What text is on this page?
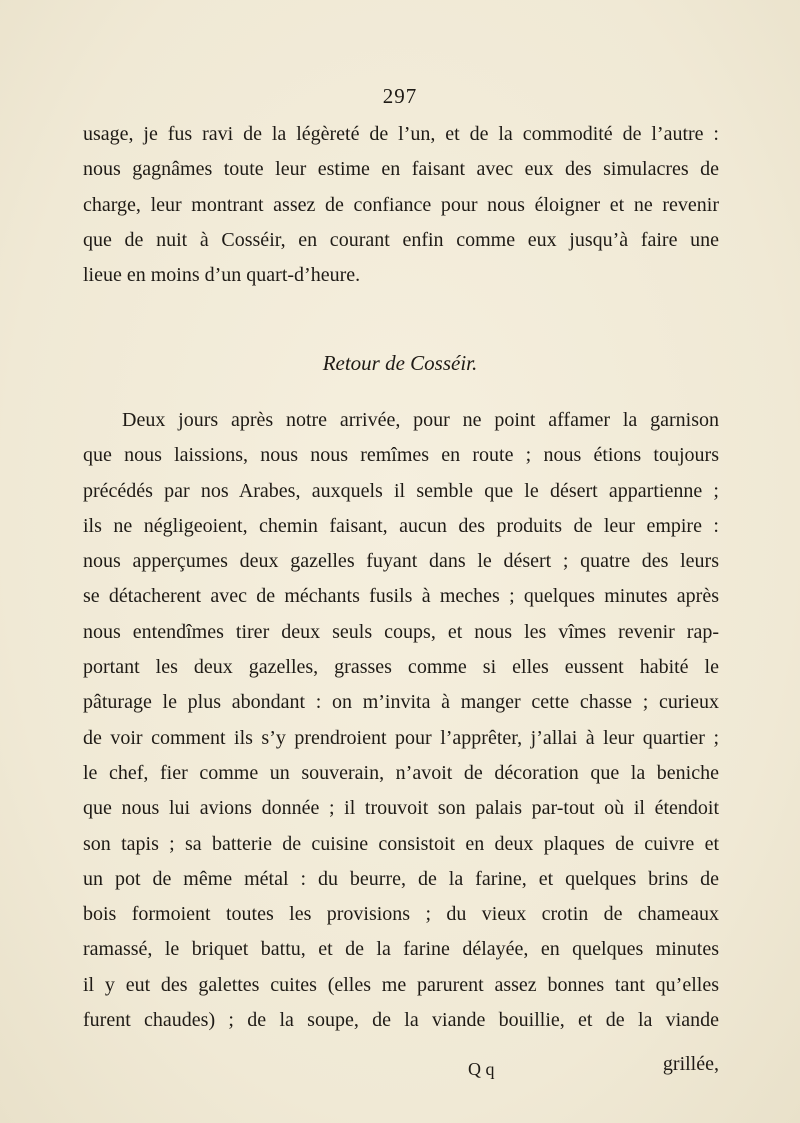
297
usage, je fus ravi de la légèreté de l’un, et de la commodité de l’autre :
nous gagnâmes toute leur estime en faisant avec eux des simulacres de
charge, leur montrant assez de confiance pour nous éloigner et ne revenir
que de nuit à Cosséir, en courant enfin comme eux jusqu’à faire une
lieue en moins d’un quart-d’heure.
Retour de Cosséir.
Deux jours après notre arrivée, pour ne point affamer la garnison
que nous laissions, nous nous remîmes en route ; nous étions toujours
précédés par nos Arabes, auxquels il semble que le désert appartienne ;
ils ne négligeoient, chemin faisant, aucun des produits de leur empire :
nous apperçumes deux gazelles fuyant dans le désert ; quatre des leurs
se détacherent avec de méchants fusils à meches ; quelques minutes après
nous entendîmes tirer deux seuls coups, et nous les vîmes revenir rap-
portant les deux gazelles, grasses comme si elles eussent habité le
pâturage le plus abondant : on m’invita à manger cette chasse ; curieux
de voir comment ils s’y prendroient pour l’apprêter, j’allai à leur quartier ;
le chef, fier comme un souverain, n’avoit de décoration que la beniche
que nous lui avions donnée ; il trouvoit son palais par-tout où il étendoit
son tapis ; sa batterie de cuisine consistoit en deux plaques de cuivre et
un pot de même métal : du beurre, de la farine, et quelques brins de
bois formoient toutes les provisions ; du vieux crotin de chameaux
ramassé, le briquet battu, et de la farine délayée, en quelques minutes
il y eut des galettes cuites (elles me parurent assez bonnes tant qu’elles
furent chaudes) ; de la soupe, de la viande bouillie, et de la viande
Q q	grillée,
